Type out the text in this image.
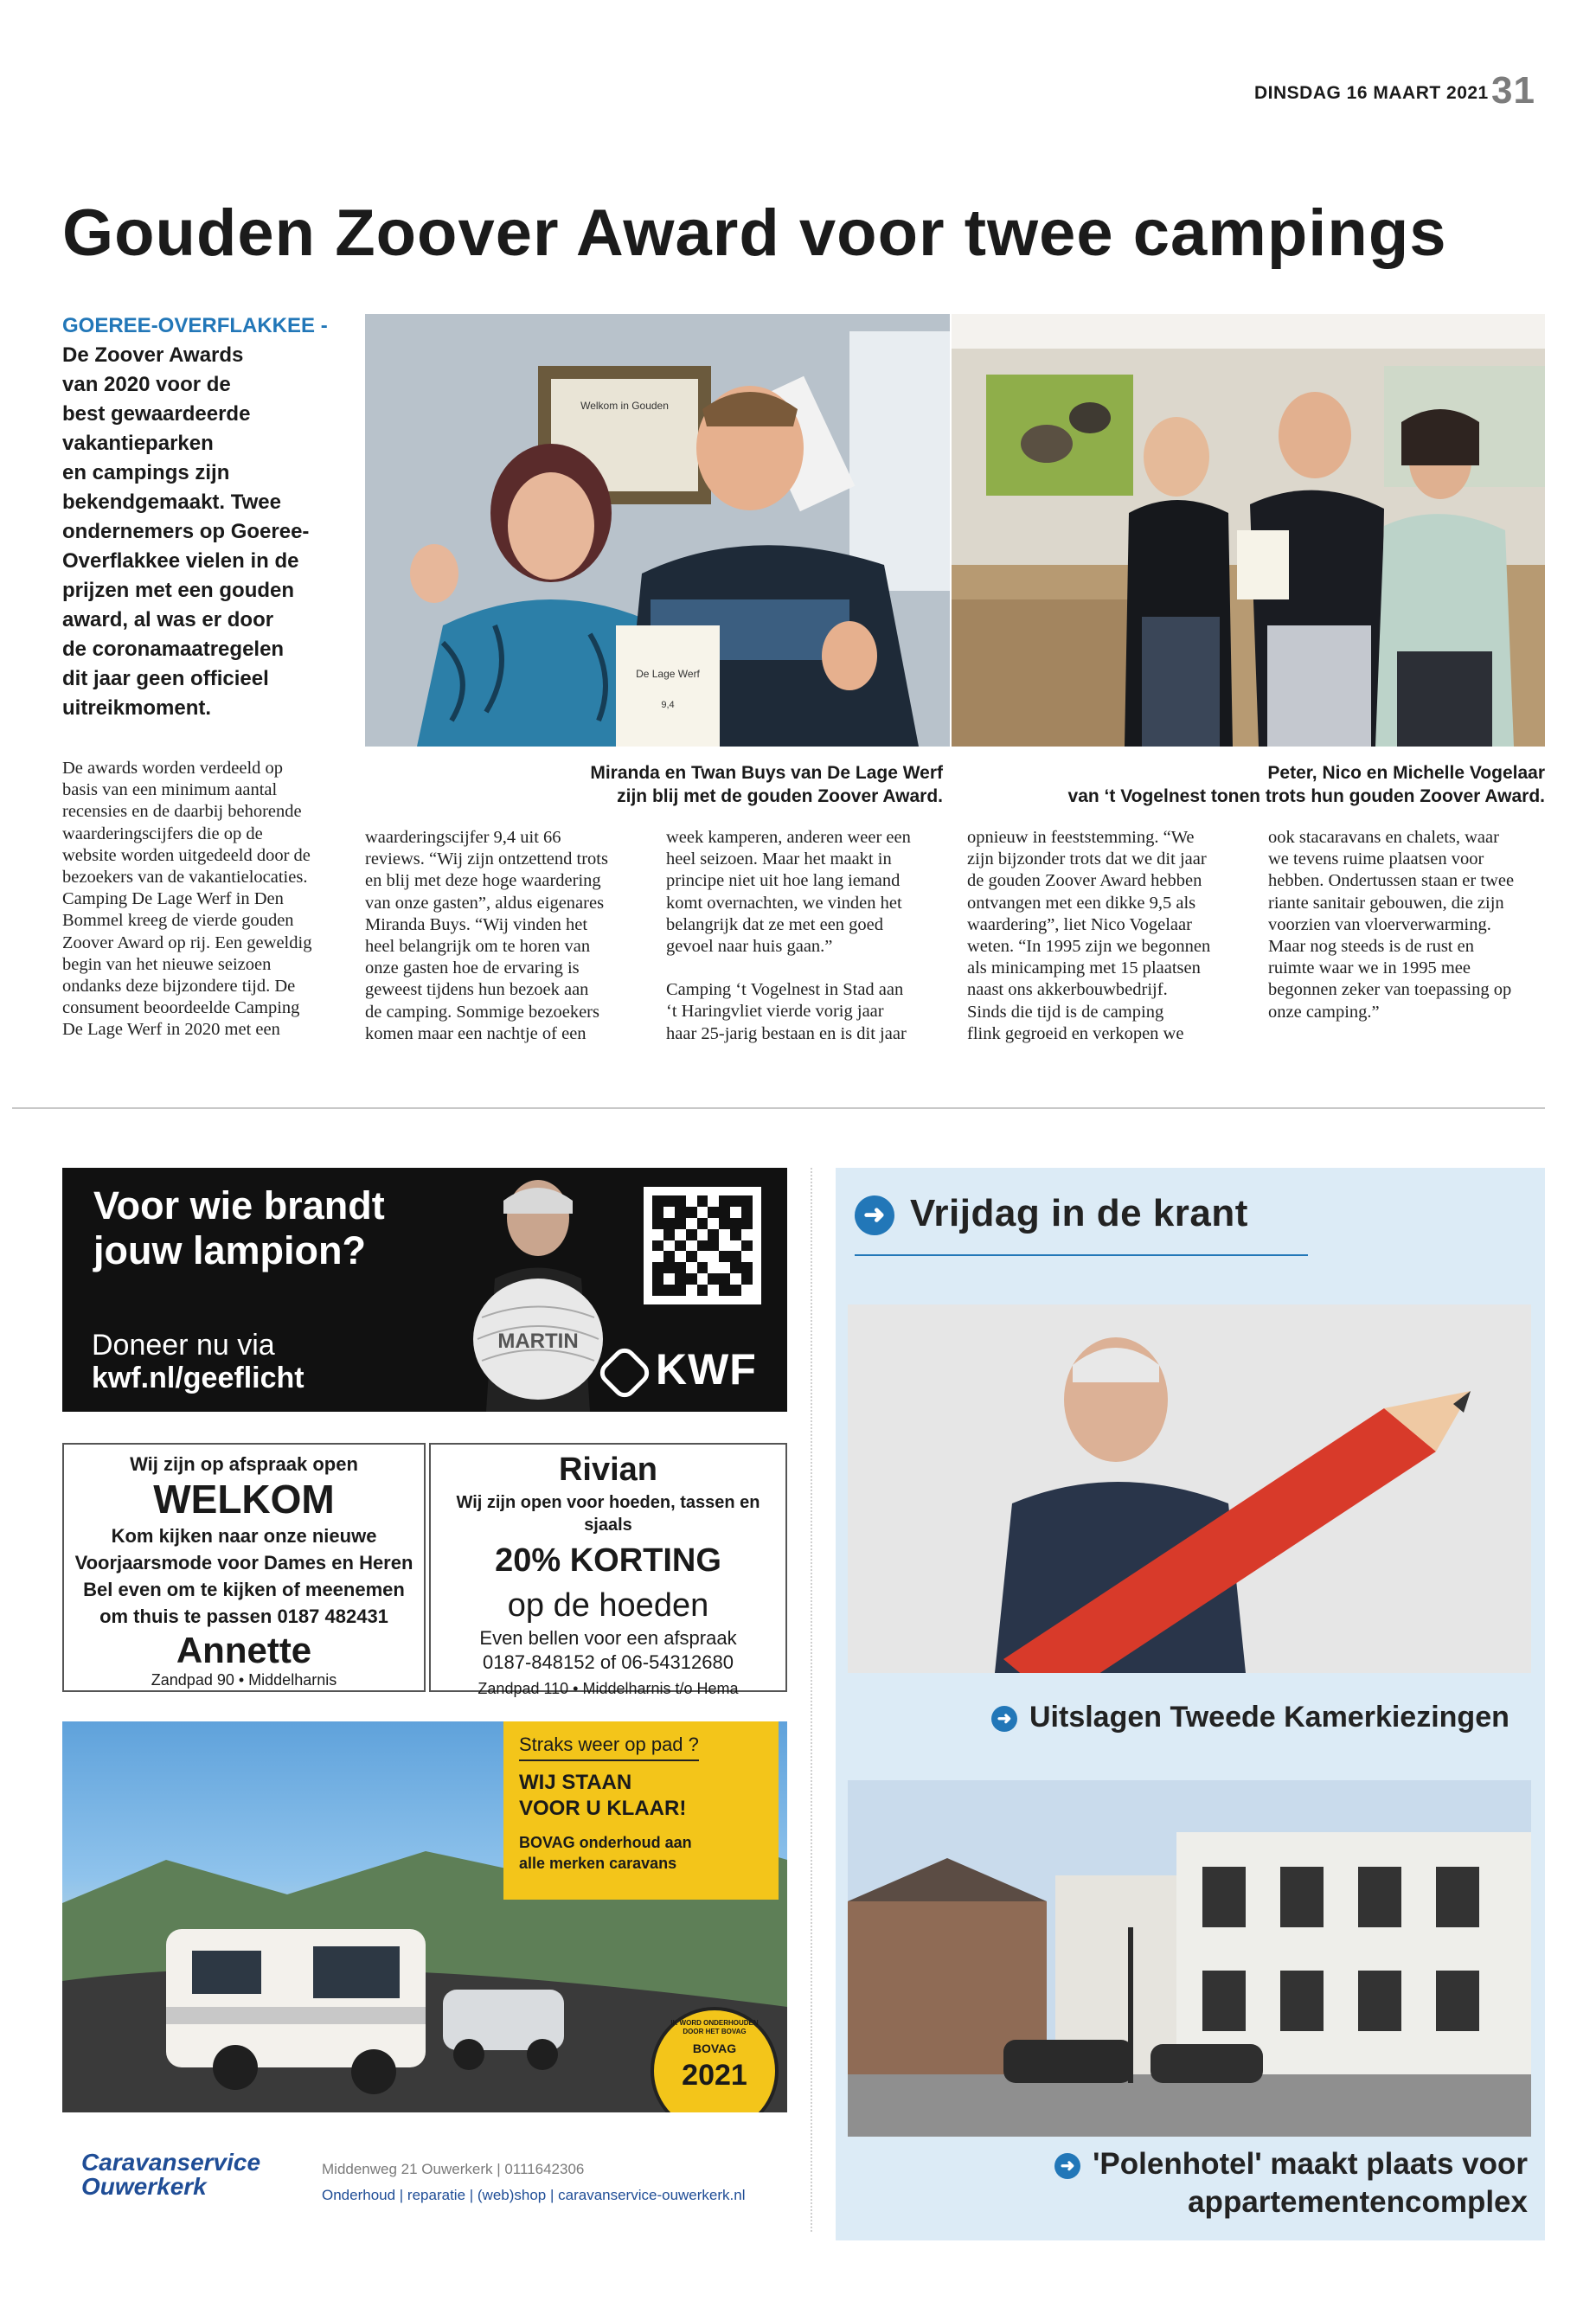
DINSDAG 16 MAART 2021 31
Gouden Zoover Award voor twee campings
GOEREE-OVERFLAKKEE -
De Zoover Awards
van 2020 voor de
best gewaardeerde
vakantieparken
en campings zijn
bekendgemaakt. Twee
ondernemers op Goeree-
Overflakkee vielen in de
prijzen met een gouden
award, al was er door
de coronamaatregelen
dit jaar geen officieel
uitreikmoment.
Welkom in Gouden
De Lage Werf
9,4
Miranda en Twan Buys van De Lage Werf
zijn blij met de gouden Zoover Award.
Peter, Nico en Michelle Vogelaar
van ‘t Vogelnest tonen trots hun gouden Zoover Award.
De awards worden verdeeld op
basis van een minimum aantal
recensies en de daarbij behorende
waarderingscijfers die op de
website worden uitgedeeld door de
bezoekers van de vakantielocaties.
Camping De Lage Werf in Den
Bommel kreeg de vierde gouden
Zoover Award op rij. Een geweldig
begin van het nieuwe seizoen
ondanks deze bijzondere tijd. De
consument beoordeelde Camping
De Lage Werf in 2020 met een
waarderingscijfer 9,4 uit 66
reviews. “Wij zijn ontzettend trots
en blij met deze hoge waardering
van onze gasten”, aldus eigenares
Miranda Buys. “Wij vinden het
heel belangrijk om te horen van
onze gasten hoe de ervaring is
geweest tijdens hun bezoek aan
de camping. Sommige bezoekers
komen maar een nachtje of een

week kamperen, anderen weer een
heel seizoen. Maar het maakt in
principe niet uit hoe lang iemand
komt overnachten, we vinden het
belangrijk dat ze met een goed
gevoel naar huis gaan.”

Camping ‘t Vogelnest in Stad aan
‘t Haringvliet vierde vorig jaar
haar 25-jarig bestaan en is dit jaar

opnieuw in feeststemming. “We
zijn bijzonder trots dat we dit jaar
de gouden Zoover Award hebben
ontvangen met een dikke 9,5 als
waardering”, liet Nico Vogelaar
weten. “In 1995 zijn we begonnen
als minicamping met 15 plaatsen
naast ons akkerbouwbedrijf.
Sinds die tijd is de camping
flink gegroeid en verkopen we
ook stacaravans en chalets, waar
we tevens ruime plaatsen voor
hebben. Ondertussen staan er twee
riante sanitair gebouwen, die zijn
voorzien van vloerverwarming.
Maar nog steeds is de rust en
ruimte waar we in 1995 mee
begonnen zeker van toepassing op
onze camping.”
Voor wie brandt
jouw lampion?
MARTIN
Doneer nu via
kwf.nl/geeflicht	KWF
Wij zijn op afspraak open
WELKOM
Kom kijken naar onze nieuwe
Voorjaarsmode voor Dames en Heren
Bel even om te kijken of meenemen
om thuis te passen 0187 482431
Annette
Zandpad 90 • Middelharnis
Rivian
Wij zijn open voor hoeden, tassen en sjaals
20% KORTING
op de hoeden
Even bellen voor een afspraak
0187-848152 of 06-54312680
Zandpad 110 • Middelharnis t/o Hema
Straks weer op pad ?
WIJ STAAN
VOOR U KLAAR!
BOVAG onderhoud aan
alle merken caravans
IK WORD ONDERHOUDEN DOOR HET BOVAG
BOVAG
2021
Caravanservice
Ouwerkerk
Middenweg 21 Ouwerkerk | 0111642306
Onderhoud | reparatie | (web)shop | caravanservice-ouwerkerk.nl
➜ Vrijdag in de krant
➜ Uitslagen Tweede Kamerkiezingen
➜ 'Polenhotel' maakt plaats voor
appartementencomplex
